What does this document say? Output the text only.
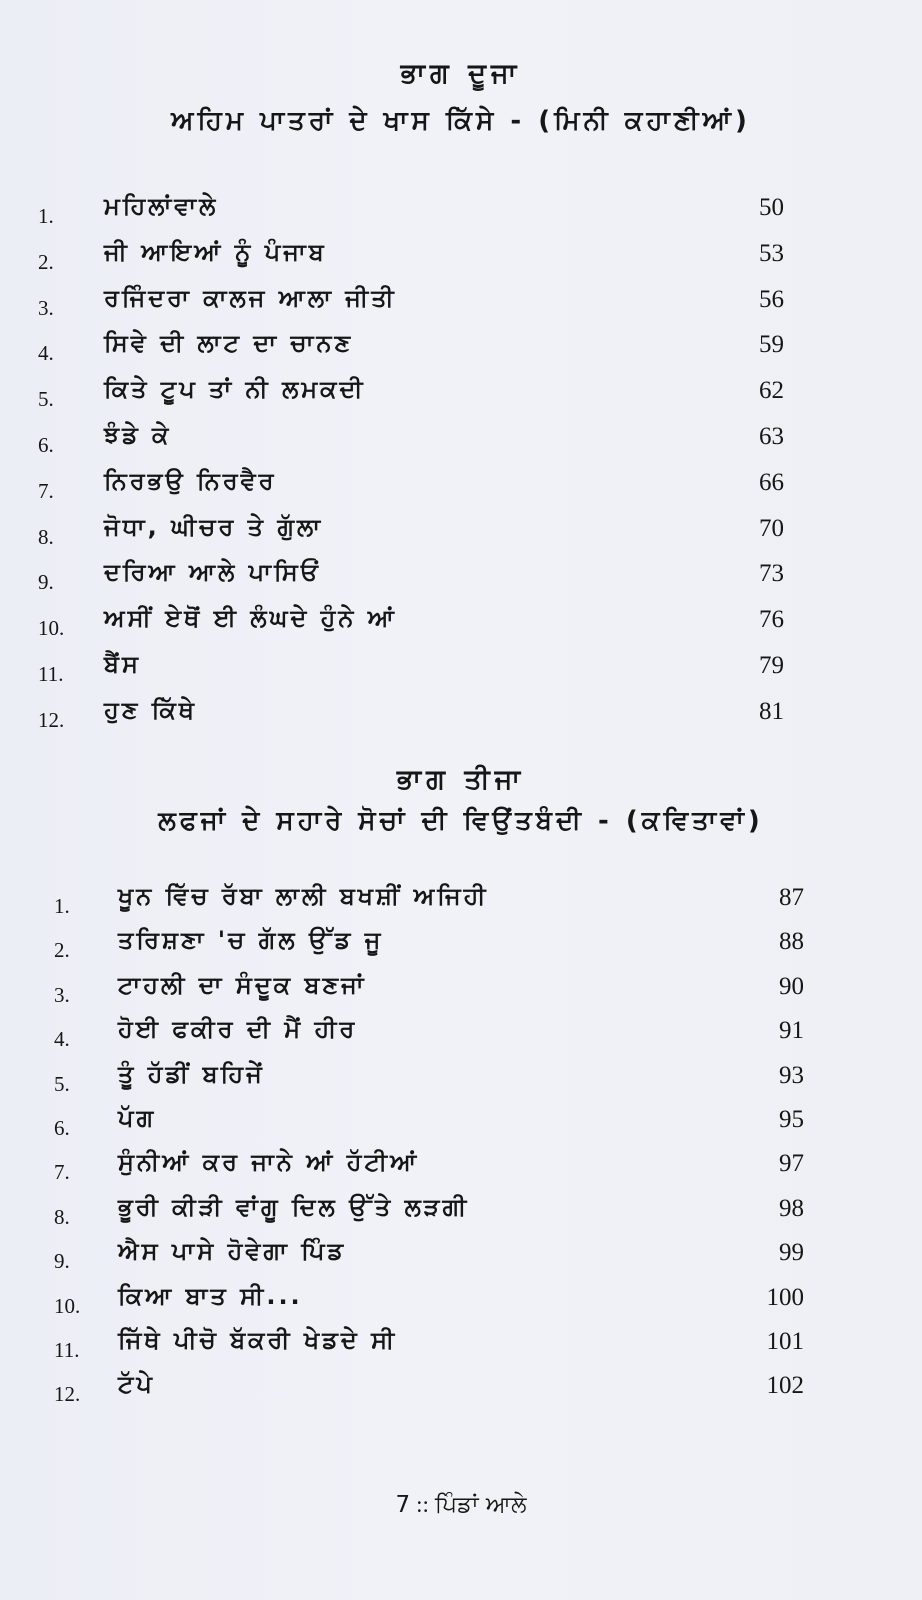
ਭਾਗ ਦੂਜਾ
ਅਹਿਮ ਪਾਤਰਾਂ ਦੇ ਖਾਸ ਕਿੱਸੇ - (ਮਿਨੀ ਕਹਾਣੀਆਂ)
1. ਮਹਿਲਾਂਵਾਲੇ	50
2. ਜੀ ਆਇਆਂ ਨੂੰ ਪੰਜਾਬ	53
3. ਰਜਿੰਦਰਾ ਕਾਲਜ ਆਲਾ ਜੀਤੀ	56
4. ਸਿਵੇ ਦੀ ਲਾਟ ਦਾ ਚਾਨਣ	59
5. ਕਿਤੇ ਟੂਪ ਤਾਂ ਨੀ ਲਮਕਦੀ	62
6. ਝੰਡੇ ਕੇ	63
7. ਨਿਰਭਉ ਨਿਰਵੈਰ	66
8. ਜੋਧਾ, ਘੀਚਰ ਤੇ ਗੁੱਲਾ	70
9. ਦਰਿਆ ਆਲੇ ਪਾਸਿਓਂ	73
10. ਅਸੀਂ ਏਥੋਂ ਈ ਲੰਘਦੇ ਹੁੰਨੇ ਆਂ	76
11. ਬੈਂਸ	79
12. ਹੁਣ ਕਿੱਥੇ	81
ਭਾਗ ਤੀਜਾ
ਲਫਜਾਂ ਦੇ ਸਹਾਰੇ ਸੋਚਾਂ ਦੀ ਵਿਉਂਤਬੰਦੀ - (ਕਵਿਤਾਵਾਂ)
1. ਖੂਨ ਵਿੱਚ ਰੱਬਾ ਲਾਲੀ ਬਖਸ਼ੀਂ ਅਜਿਹੀ	87
2. ਤਰਿਸ਼ਣਾ 'ਚ ਗੱਲ ਉੱਡ ਜੂ	88
3. ਟਾਹਲੀ ਦਾ ਸੰਦੂਕ ਬਣਜਾਂ	90
4. ਹੋਈ ਫਕੀਰ ਦੀ ਮੈਂ ਹੀਰ	91
5. ਤੂੰ ਹੱਡੀਂ ਬਹਿਜੇਂ	93
6. ਪੱਗ	95
7. ਸੁੰਨੀਆਂ ਕਰ ਜਾਨੇ ਆਂ ਹੱਟੀਆਂ	97
8. ਭੂਰੀ ਕੀੜੀ ਵਾਂਗੂ ਦਿਲ ਉੱਤੇ ਲੜਗੀ	98
9. ਐਸ ਪਾਸੇ ਹੋਵੇਗਾ ਪਿੰਡ	99
10. ਕਿਆ ਬਾਤ ਸੀ...	100
11. ਜਿੱਥੇ ਪੀਚੋ ਬੱਕਰੀ ਖੇਡਦੇ ਸੀ	101
12. ਟੱਪੇ	102
7 :: ਪਿੰਡਾਂ ਆਲੇ
